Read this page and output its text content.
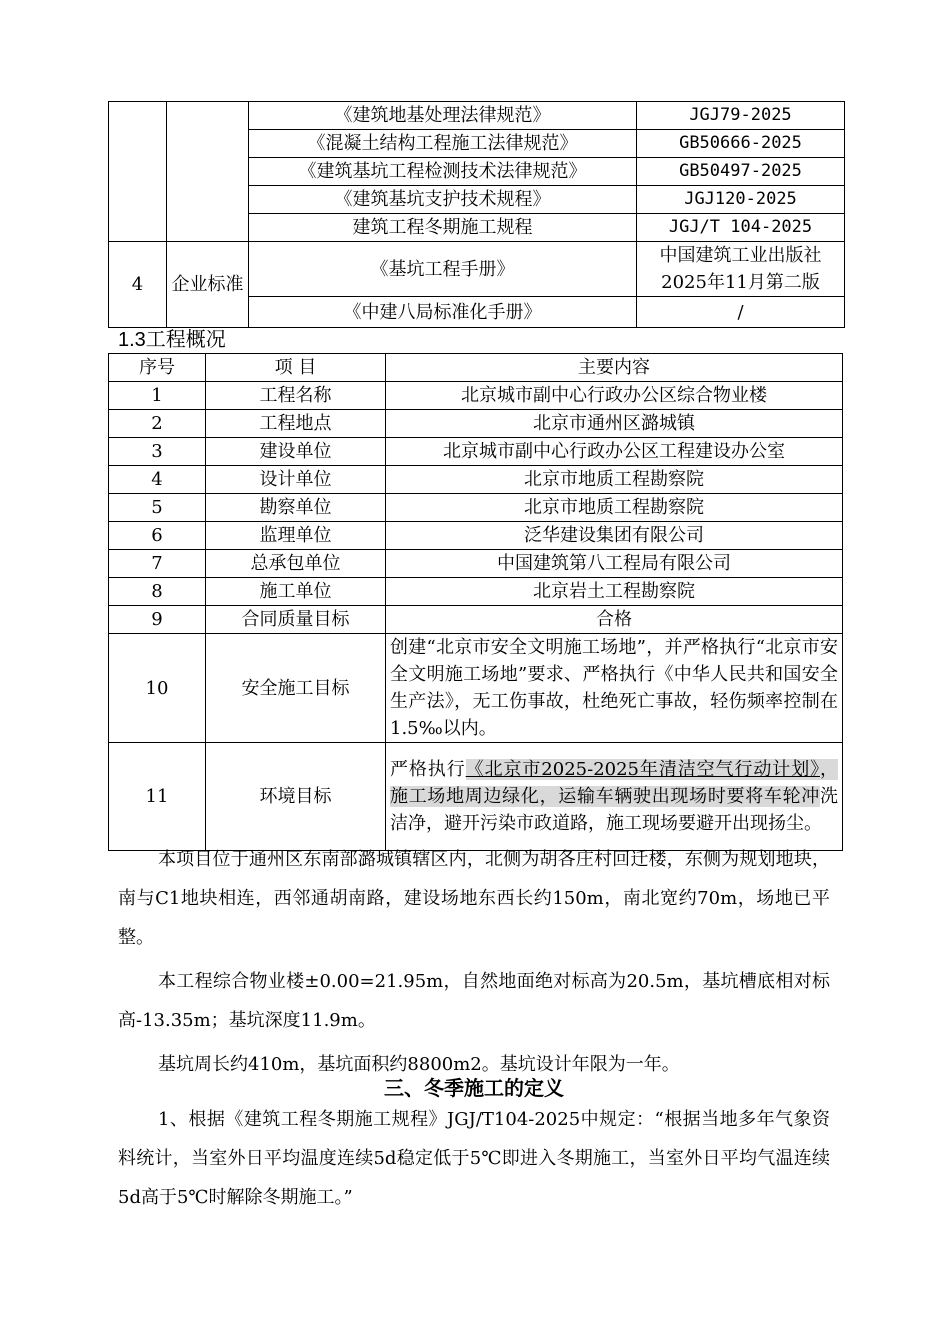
		《建筑地基处理法律规范》	JGJ79-2025
		《混凝土结构工程施工法律规范》	GB50666-2025
		《建筑基坑工程检测技术法律规范》	GB50497-2025
		《建筑基坑支护技术规程》	JGJ120-2025
		建筑工程冬期施工规程	JGJ/T 104-2025
4	企业标准	《基坑工程手册》	中国建筑工业出版社2025年11月第二版
		《中建八局标准化手册》	/
1.3工程概况
序号	项 目	主要内容
1	工程名称	北京城市副中心行政办公区综合物业楼
2	工程地点	北京市通州区潞城镇
3	建设单位	北京城市副中心行政办公区工程建设办公室
4	设计单位	北京市地质工程勘察院
5	勘察单位	北京市地质工程勘察院
6	监理单位	泛华建设集团有限公司
7	总承包单位	中国建筑第八工程局有限公司
8	施工单位	北京岩土工程勘察院
9	合同质量目标	合格
10	安全施工目标	创建“北京市安全文明施工场地”，并严格执行“北京市安全文明施工场地”要求、严格执行《中华人民共和国安全生产法》，无工伤事故，杜绝死亡事故，轻伤频率控制在1.5‰以内。
11	环境目标	严格执行《北京市2025-2025年清洁空气行动计划》，施工场地周边绿化，运输车辆驶出现场时要将车轮冲洗洁净，避开污染市政道路，施工现场要避开出现扬尘。

本项目位于通州区东南部潞城镇辖区内，北侧为胡各庄村回迁楼，东侧为规划地块，南与C1地块相连，西邻通胡南路，建设场地东西长约150m，南北宽约70m，场地已平整。

本工程综合物业楼±0.00=21.95m，自然地面绝对标高为20.5m，基坑槽底相对标高-13.35m；基坑深度11.9m。

基坑周长约410m，基坑面积约8800m2。基坑设计年限为一年。

三、冬季施工的定义

1、根据《建筑工程冬期施工规程》JGJ/T104-2025中规定：“根据当地多年气象资料统计，当室外日平均温度连续5d稳定低于5℃即进入冬期施工，当室外日平均气温连续5d高于5℃时解除冬期施工。”
